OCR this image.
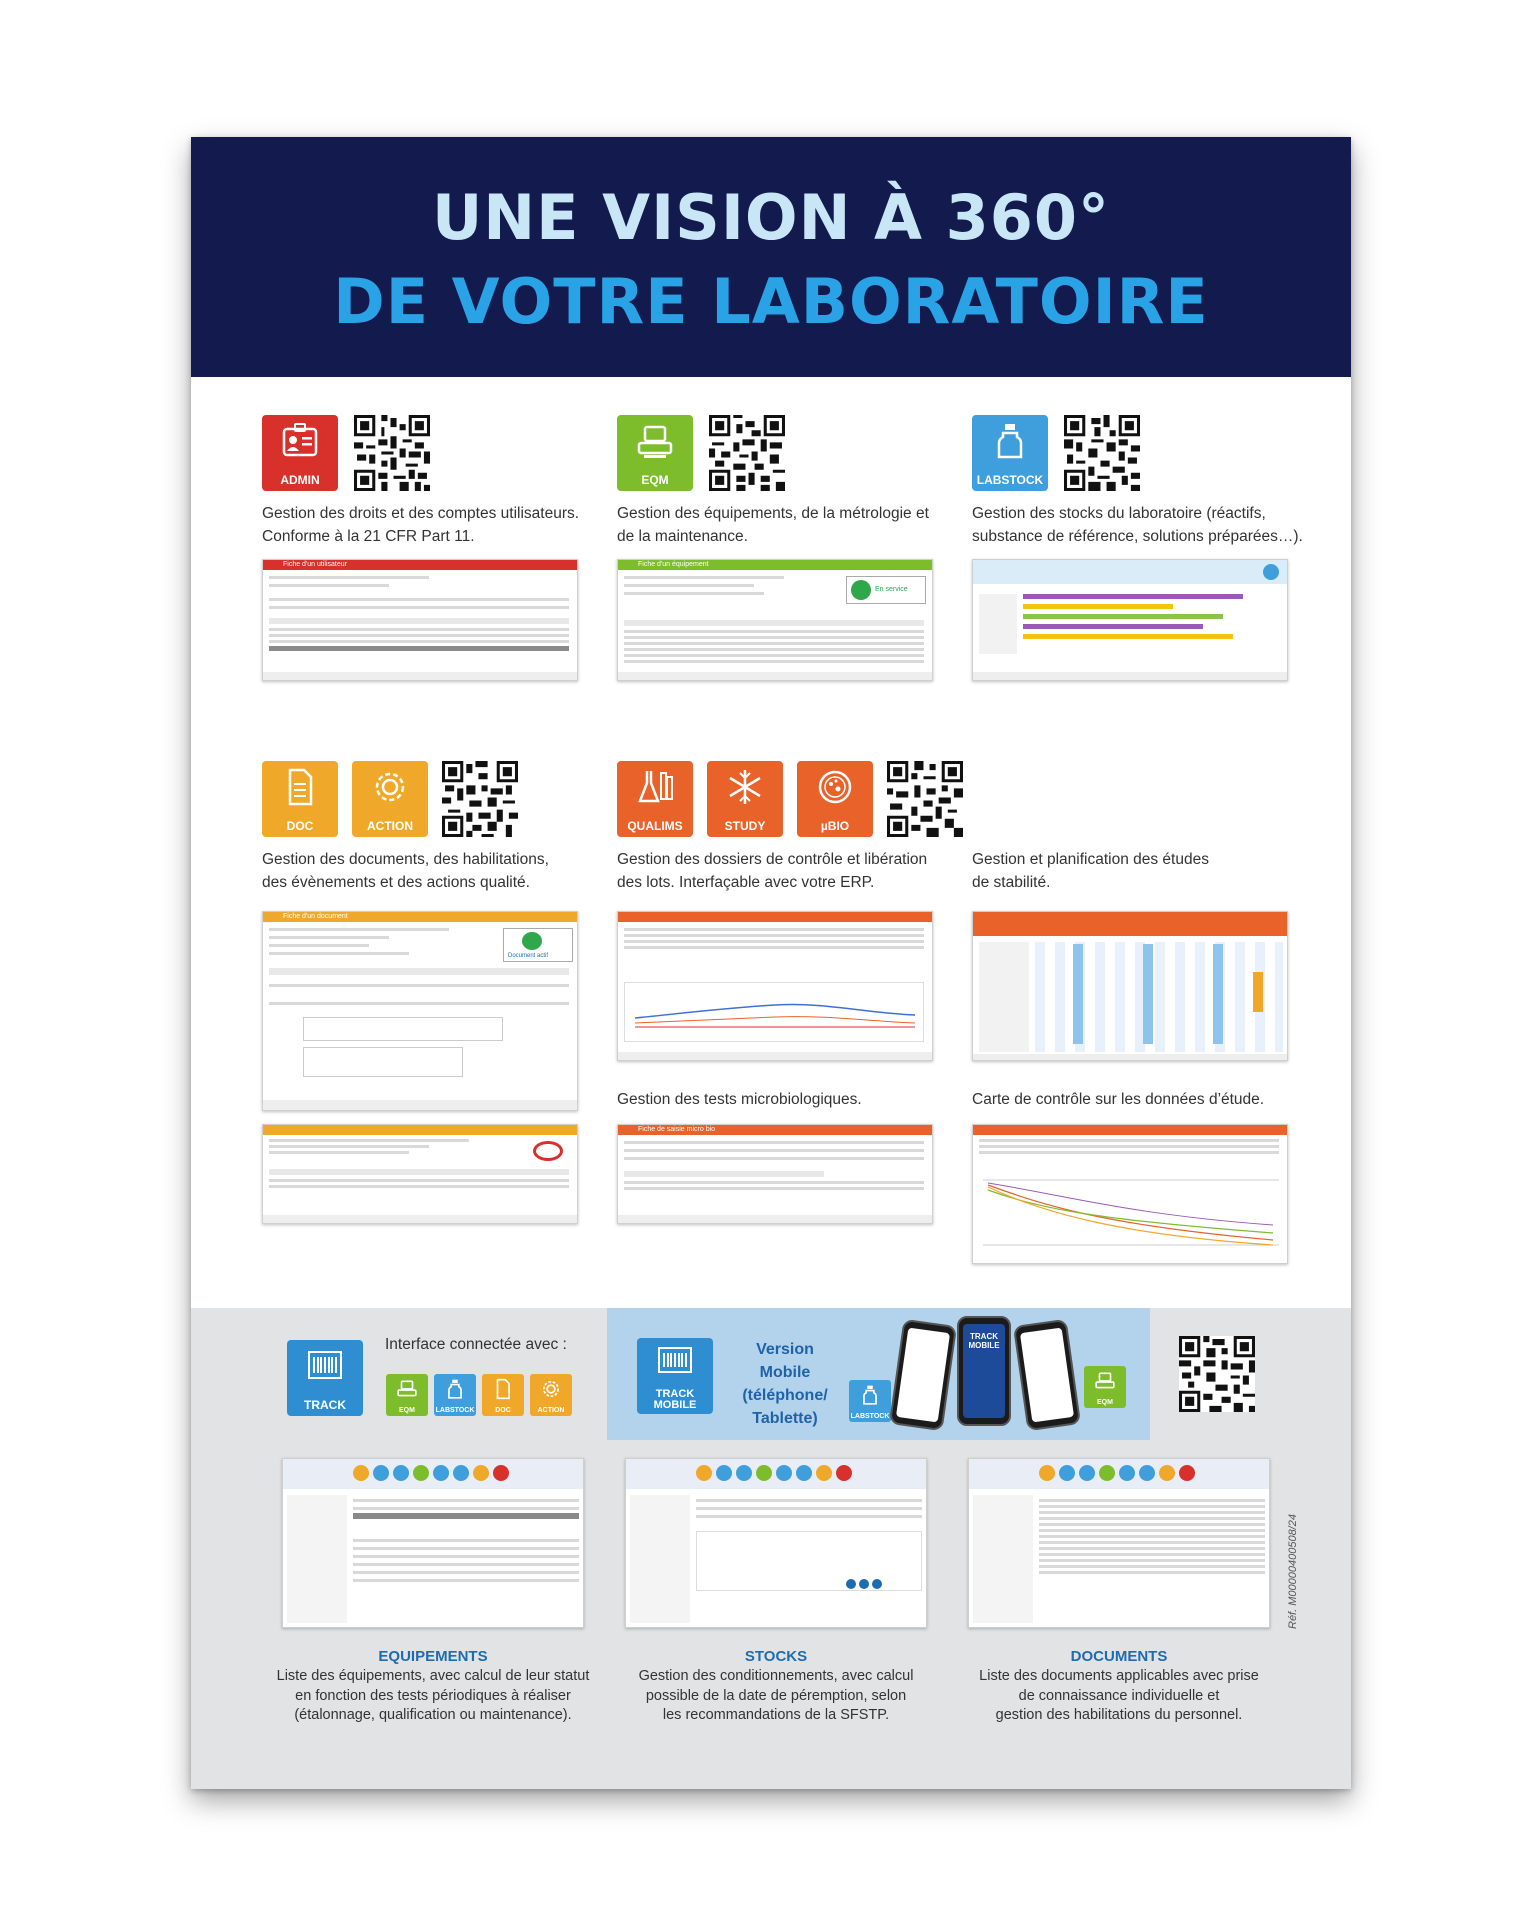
UNE VISION À 360°
DE VOTRE LABORATOIRE
ADMIN
Gestion des droits et des comptes utilisateurs.
Conforme à la 21 CFR Part 11.
EQM
Gestion des équipements, de la métrologie et
de la maintenance.
LABSTOCK
Gestion des stocks du laboratoire (réactifs,
substance de référence, solutions préparées…).
Fiche d'un utilisateur	Fiche d'un équipement
En service
DOC	ACTION
Gestion des documents, des habilitations,
des évènements et des actions qualité.
QUALIMS	STUDY	µBIO
Gestion des dossiers de contrôle et libération
des lots. Interfaçable avec votre ERP.
Gestion et planification des études
de stabilité.
Fiche d'un document
Document actif
Gestion des tests microbiologiques.	Carte de contrôle sur les données d’étude.
Fiche de saisie micro bio
TRACK
Interface connectée avec :
EQM	LABSTOCK	DOC	ACTION
TRACK
MOBILE
Version Mobile
(téléphone/
Tablette)	LABSTOCK
TRACK MOBILE
EQM
EQUIPEMENTS
Liste des équipements, avec calcul de leur statut
en fonction des tests périodiques à réaliser
(étalonnage, qualification ou maintenance).
STOCKS
Gestion des conditionnements, avec calcul
possible de la date de péremption, selon
les recommandations de la SFSTP.
DOCUMENTS
Liste des documents applicables avec prise
de connaissance individuelle et
gestion des habilitations du personnel.
Réf. M00000400508/24
